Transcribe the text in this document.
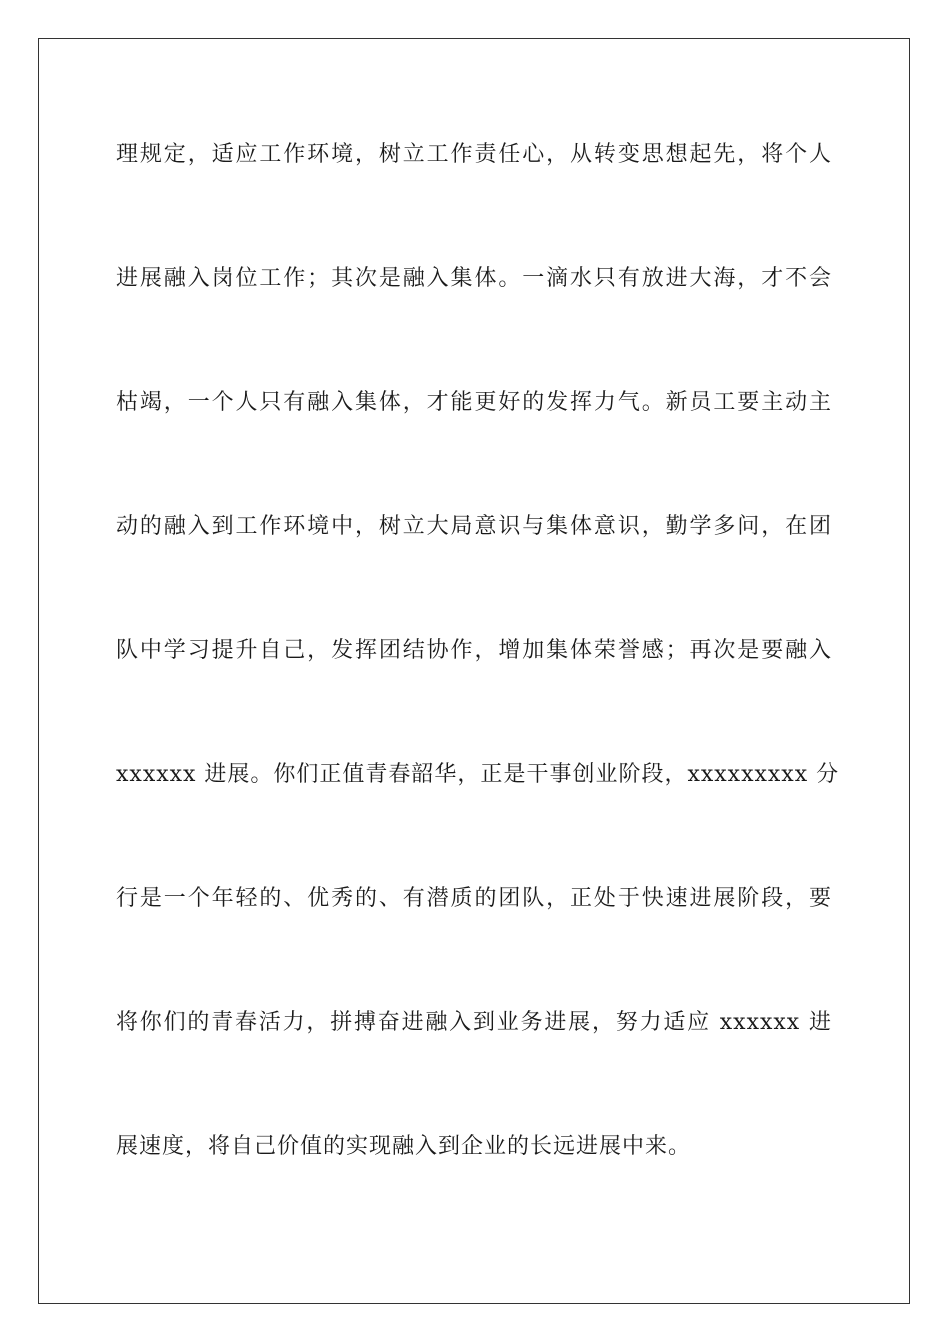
理规定，适应工作环境，树立工作责任心，从转变思想起先，将个人
进展融入岗位工作；其次是融入集体。一滴水只有放进大海，才不会
枯竭，一个人只有融入集体，才能更好的发挥力气。新员工要主动主
动的融入到工作环境中，树立大局意识与集体意识，勤学多问，在团
队中学习提升自己，发挥团结协作，增加集体荣誉感；再次是要融入
xxxxxx 进展。你们正值青春韶华，正是干事创业阶段，xxxxxxxxx 分
行是一个年轻的、优秀的、有潜质的团队，正处于快速进展阶段，要
将你们的青春活力，拼搏奋进融入到业务进展，努力适应 xxxxxx 进
展速度，将自己价值的实现融入到企业的长远进展中来。
